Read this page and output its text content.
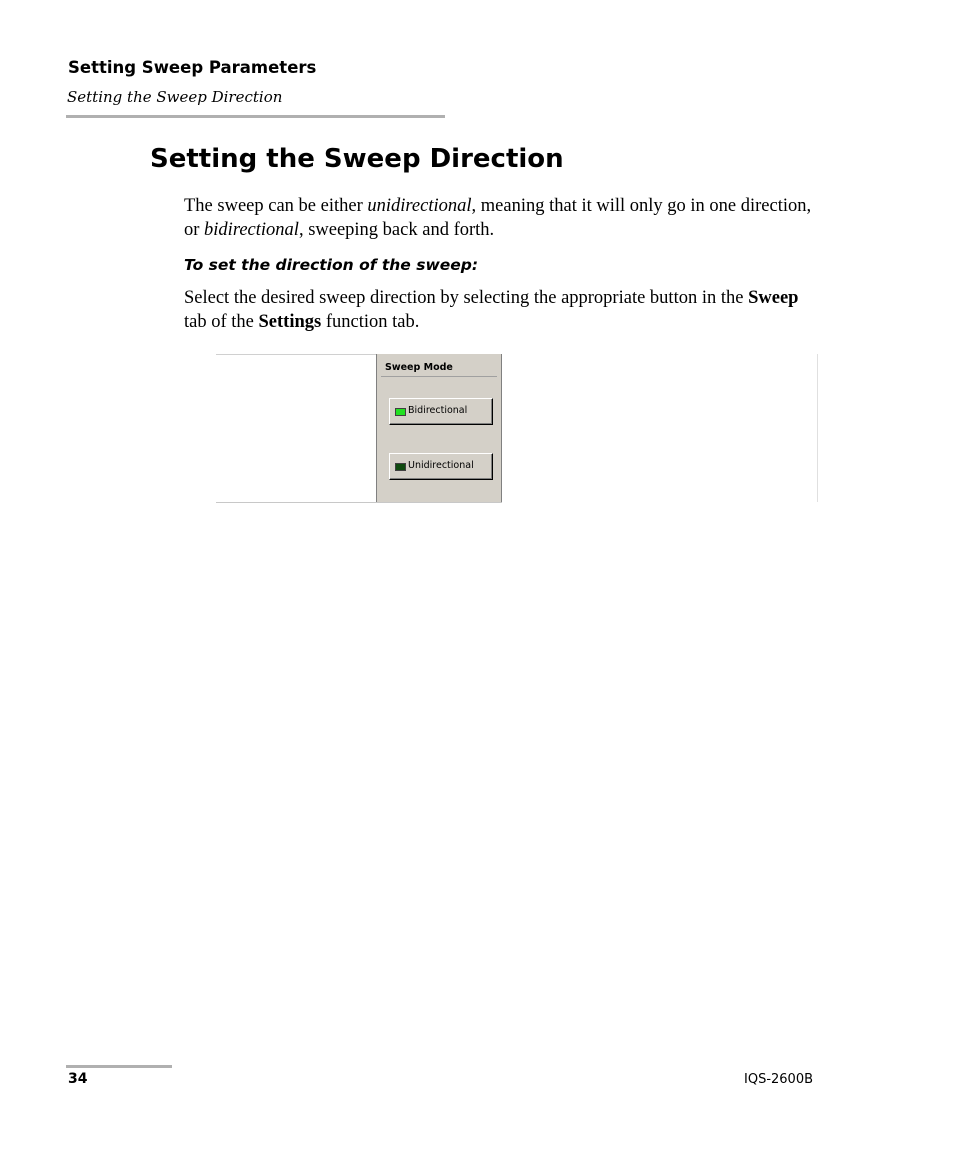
Setting Sweep Parameters
Setting the Sweep Direction
Setting the Sweep Direction

The sweep can be either unidirectional, meaning that it will only go in one direction, or bidirectional, sweeping back and forth.

To set the direction of the sweep:

Select the desired sweep direction by selecting the appropriate button in the Sweep tab of the Settings function tab.

Sweep Mode
Bidirectional
Unidirectional
34	IQS-2600B
